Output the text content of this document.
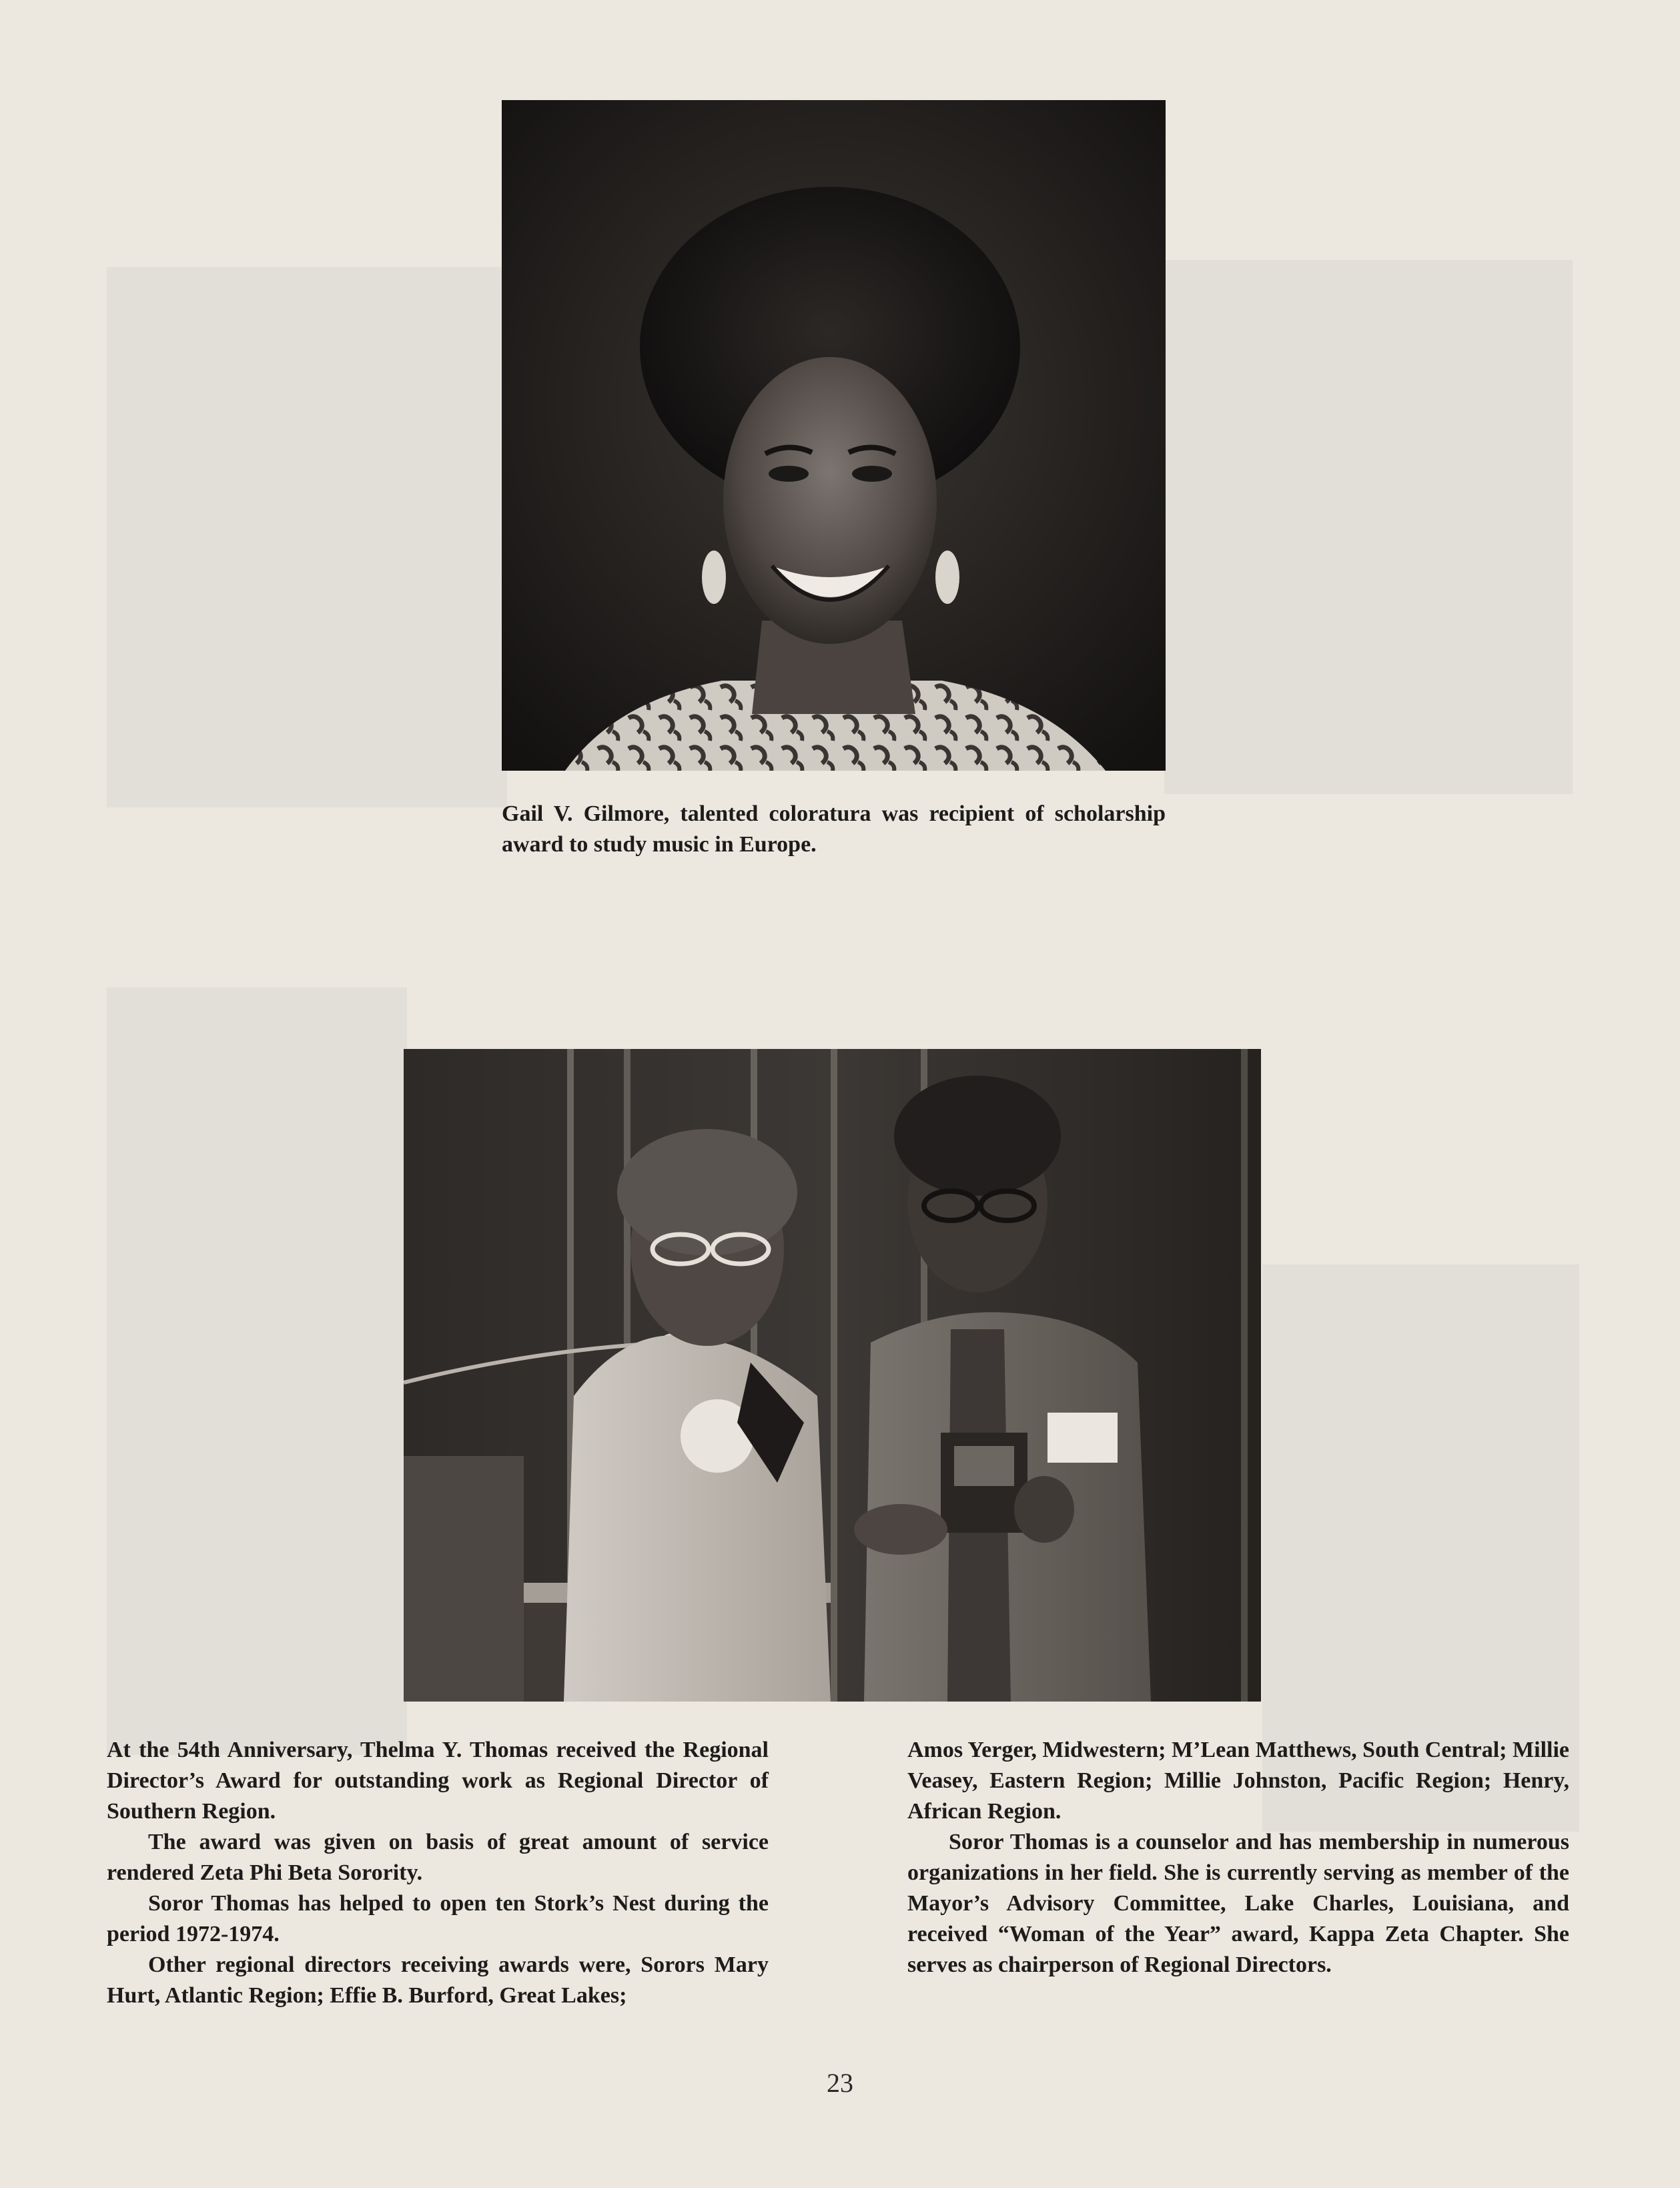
Gail V. Gilmore, talented coloratura was recipient of scholarship award to study music in Europe.

At the 54th Anniversary, Thelma Y. Thomas received the Regional Director’s Award for outstanding work as Regional Director of Southern Region.

The award was given on basis of great amount of service rendered Zeta Phi Beta Sorority.

Soror Thomas has helped to open ten Stork’s Nest during the period 1972-1974.

Other regional directors receiving awards were, Sorors Mary Hurt, Atlantic Region; Effie B. Burford, Great Lakes;

Amos Yerger, Midwestern; M’Lean Matthews, South Central; Millie Veasey, Eastern Region; Millie Johnston, Pacific Region; Henry, African Region.

Soror Thomas is a counselor and has membership in numerous organizations in her field. She is currently serving as member of the Mayor’s Advisory Committee, Lake Charles, Louisiana, and received “Woman of the Year” award, Kappa Zeta Chapter. She serves as chairperson of Regional Directors.

23
